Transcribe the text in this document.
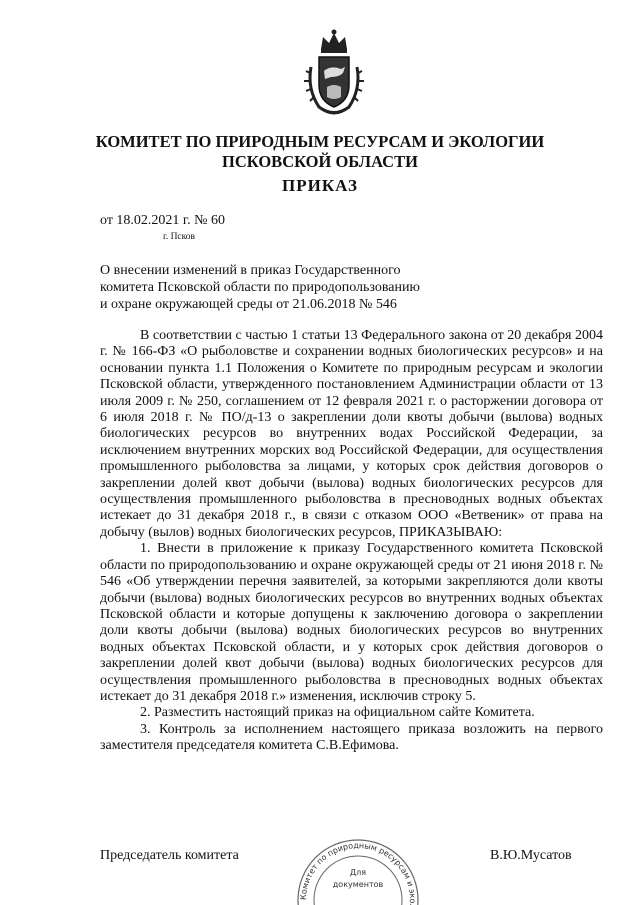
КОМИТЕТ ПО ПРИРОДНЫМ РЕСУРСАМ И ЭКОЛОГИИ
ПСКОВСКОЙ ОБЛАСТИ
ПРИКАЗ
от 18.02.2021 г. № 60
г. Псков
О внесении изменений в приказ Государственного
комитета Псковской области по природопользованию
и охране окружающей среды от 21.06.2018 № 546

В соответствии с частью 1 статьи 13 Федерального закона от 20 декабря 2004 г. № 166-ФЗ «О рыболовстве и сохранении водных биологических ресурсов» и на основании пункта 1.1 Положения о Комитете по природным ресурсам и экологии Псковской области, утвержденного постановлением Администрации области от 13 июля 2009 г. № 250, соглашением от 12 февраля 2021 г. о расторжении договора от 6 июля 2018 г. № ПО/д-13 о закреплении доли квоты добычи (вылова) водных биологических ресурсов во внутренних водах Российской Федерации, за исключением внутренних морских вод Российской Федерации, для осуществления промышленного рыболовства за лицами, у которых срок действия договоров о закреплении долей квот добычи (вылова) водных биологических ресурсов для осуществления промышленного рыболовства в пресноводных водных объектах истекает до 31 декабря 2018 г., в связи с отказом ООО «Ветвеник» от права на добычу (вылов) водных биологических ресурсов, ПРИКАЗЫВАЮ:

1. Внести в приложение к приказу Государственного комитета Псковской области по природопользованию и охране окружающей среды от 21 июня 2018 г. № 546 «Об утверждении перечня заявителей, за которыми закрепляются доли квоты добычи (вылова) водных биологических ресурсов во внутренних водных объектах Псковской области и которые допущены к заключению договора о закреплении доли квоты добычи (вылова) водных биологических ресурсов во внутренних водных объектах Псковской области, и у которых срок действия договоров о закреплении долей квот добычи (вылова) водных биологических ресурсов для осуществления промышленного рыболовства в пресноводных водных объектах истекает до 31 декабря 2018 г.» изменения, исключив строку 5.

2. Разместить настоящий приказ на официальном сайте Комитета.

3. Контроль за исполнением настоящего приказа возложить на первого заместителя председателя комитета С.В.Ефимова.

Председатель комитета	В.Ю.Мусатов
Комитет по природным ресурсам и эко
Для
документов
